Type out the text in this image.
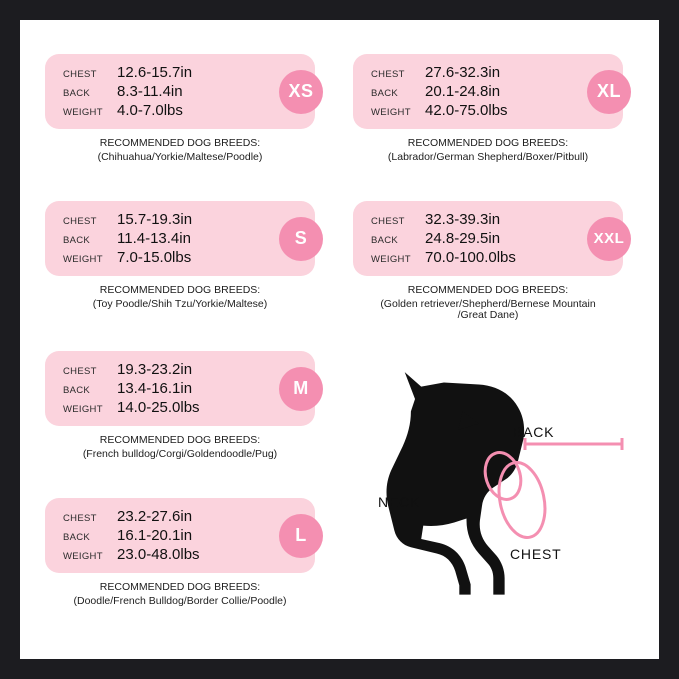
CHEST	12.6-15.7in
BACK	8.3-11.4in
WEIGHT 4.0-7.0lbs
XS
RECOMMENDED DOG BREEDS:
(Chihuahua/Yorkie/Maltese/Poodle)
CHEST	27.6-32.3in
BACK	20.1-24.8in
WEIGHT 42.0-75.0lbs
XL
RECOMMENDED DOG BREEDS:
(Labrador/German Shepherd/Boxer/Pitbull)
CHEST	15.7-19.3in
BACK	11.4-13.4in
WEIGHT 7.0-15.0lbs
S
RECOMMENDED DOG BREEDS:
(Toy Poodle/Shih Tzu/Yorkie/Maltese)
CHEST	32.3-39.3in
BACK	24.8-29.5in
WEIGHT 70.0-100.0lbs
XXL
RECOMMENDED DOG BREEDS:
(Golden retriever/Shepherd/Bernese Mountain
CHEST	19.3-23.2in
BACK	13.4-16.1in
WEIGHT 14.0-25.0lbs
M
RECOMMENDED DOG BREEDS:
(French bulldog/Corgi/Goldendoodle/Pug)
CHEST	23.2-27.6in
BACK	16.1-20.1in
WEIGHT 23.0-48.0lbs
L
RECOMMENDED DOG BREEDS:
(Doodle/French Bulldog/Border Collie/Poodle)
/Great Dane)
BACK
NECK
CHEST
